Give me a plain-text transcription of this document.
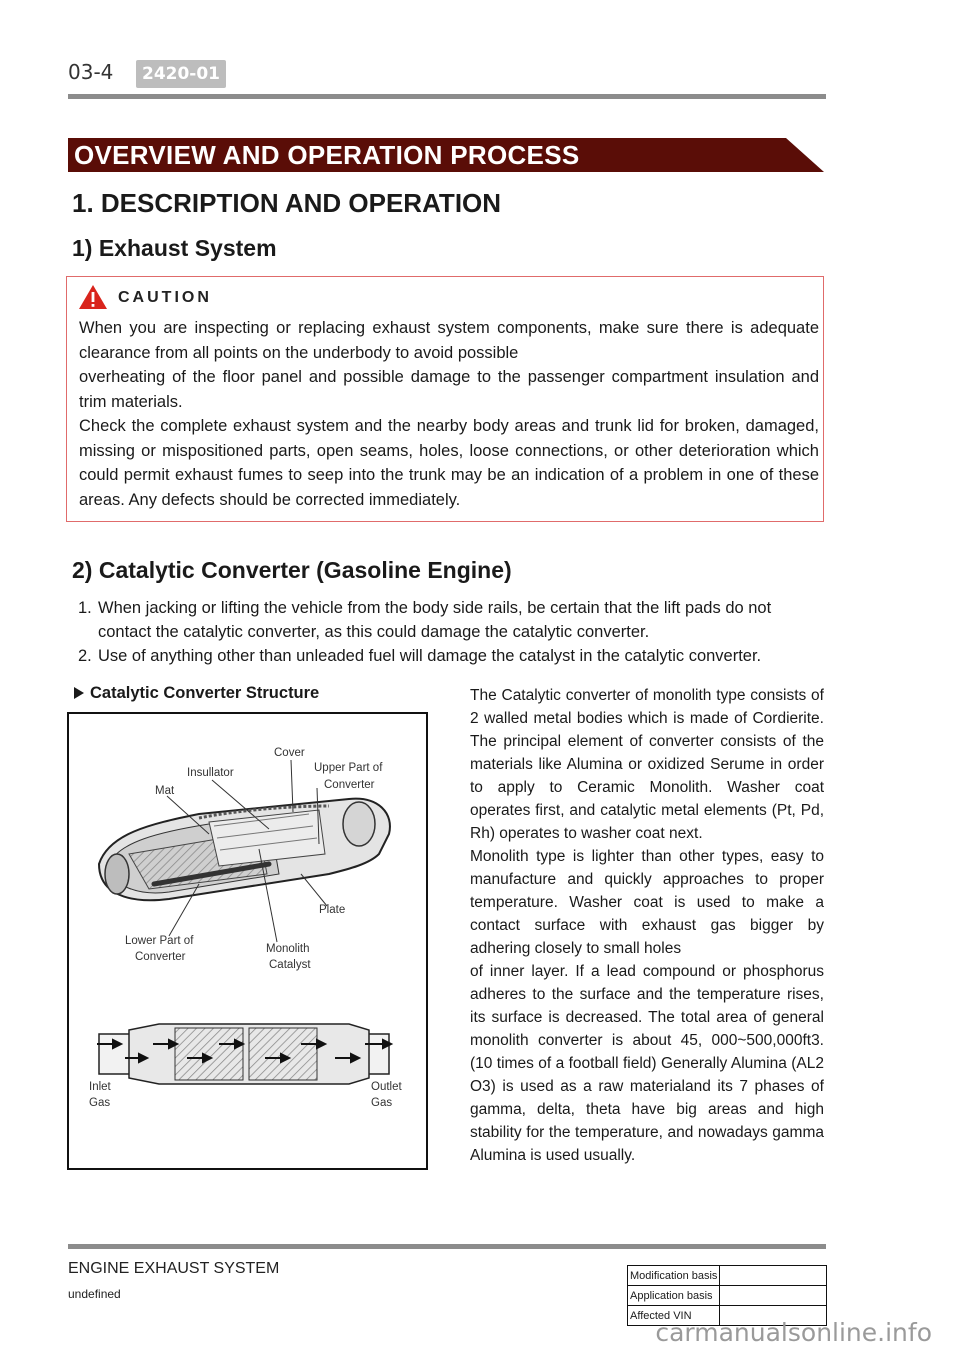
03-4	2420-01
OVERVIEW AND OPERATION PROCESS
1. DESCRIPTION AND OPERATION
1) Exhaust System
CAUTION

When you are inspecting or replacing exhaust system components, make sure there is adequate clearance from all points on the underbody to avoid possible

overheating of the floor panel and possible damage to the passenger compartment insulation and trim materials.

Check the complete exhaust system and the nearby body areas and trunk lid for broken, damaged, missing or mispositioned parts, open seams, holes, loose connections, or other deterioration which could permit exhaust fumes to seep into the trunk may be an indication of a problem in one of these areas. Any defects should be corrected immediately.

2) Catalytic Converter (Gasoline Engine)
1. When jacking or lifting the vehicle from the body side rails, be certain that the lift pads do not contact the catalytic converter, as this could damage the catalytic converter.
2. Use of anything other than unleaded fuel will damage the catalyst in the catalytic converter.
Catalytic Converter Structure
Cover
Insullator	Upper Part of
Converter
Mat
Plate
Lower Part of
Converter
Monolith
Catalyst
Inlet
Gas
Outlet
Gas

The Catalytic converter of monolith type consists of 2 walled metal bodies which is made of Cordierite. The principal element of converter consists of the materials like Alumina or oxidized Serume in order to apply to Ceramic Monolith. Washer coat operates first, and catalytic metal elements (Pt, Pd, Rh) operates to washer coat next.

Monolith type is lighter than other types, easy to manufacture and quickly approaches to proper temperature. Washer coat is used to make a contact surface with exhaust gas bigger by adhering closely to small holes

of inner layer. If a lead compound or phosphorus adheres to the surface and the temperature rises, its surface is decreased. The total area of general monolith converter is about 45, 000~500,000ft3. (10 times of a football field) Generally Alumina (AL2 O3) is used as a raw materialand its 7 phases of gamma, delta, theta have big areas and high stability for the temperature, and nowadays gamma Alumina is used usually.

ENGINE EXHAUST SYSTEM
undefined
Modification basis	
Application basis	
Affected VIN	
carmanualsonline.info
